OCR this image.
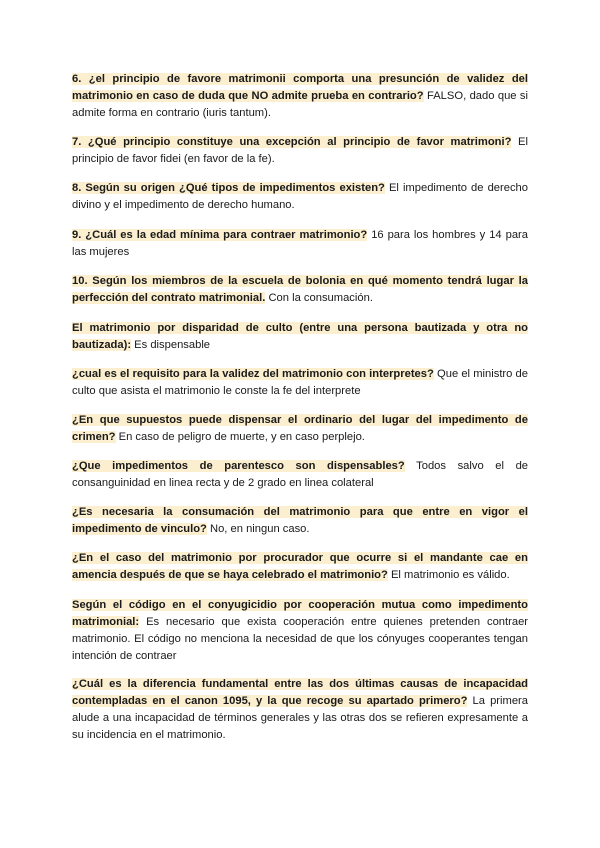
6. ¿el principio de favore matrimonii comporta una presunción de validez del matrimonio en caso de duda que NO admite prueba en contrario? FALSO, dado que si admite forma en contrario (iuris tantum).

7. ¿Qué principio constituye una excepción al principio de favor matrimoni? El principio de favor fidei (en favor de la fe).

8. Según su origen ¿Qué tipos de impedimentos existen? El impedimento de derecho divino y el impedimento de derecho humano.

9. ¿Cuál es la edad mínima para contraer matrimonio? 16 para los hombres y 14 para las mujeres

10. Según los miembros de la escuela de bolonia en qué momento tendrá lugar la perfección del contrato matrimonial. Con la consumación.

El matrimonio por disparidad de culto (entre una persona bautizada y otra no bautizada): Es dispensable

¿cual es el requisito para la validez del matrimonio con interpretes? Que el ministro de culto que asista el matrimonio le conste la fe del interprete

¿En que supuestos puede dispensar el ordinario del lugar del impedimento de crimen? En caso de peligro de muerte, y en caso perplejo.

¿Que impedimentos de parentesco son dispensables? Todos salvo el de consanguinidad en linea recta y de 2 grado en linea colateral

¿Es necesaria la consumación del matrimonio para que entre en vigor el impedimento de vinculo? No, en ningun caso.

¿En el caso del matrimonio por procurador que ocurre si el mandante cae en amencia después de que se haya celebrado el matrimonio? El matrimonio es válido.

Según el código en el conyugicidio por cooperación mutua como impedimento matrimonial: Es necesario que exista cooperación entre quienes pretenden contraer matrimonio. El código no menciona la necesidad de que los cónyuges cooperantes tengan intención de contraer

¿Cuál es la diferencia fundamental entre las dos últimas causas de incapacidad contempladas en el canon 1095, y la que recoge su apartado primero? La primera alude a una incapacidad de términos generales y las otras dos se refieren expresamente a su incidencia en el matrimonio.
